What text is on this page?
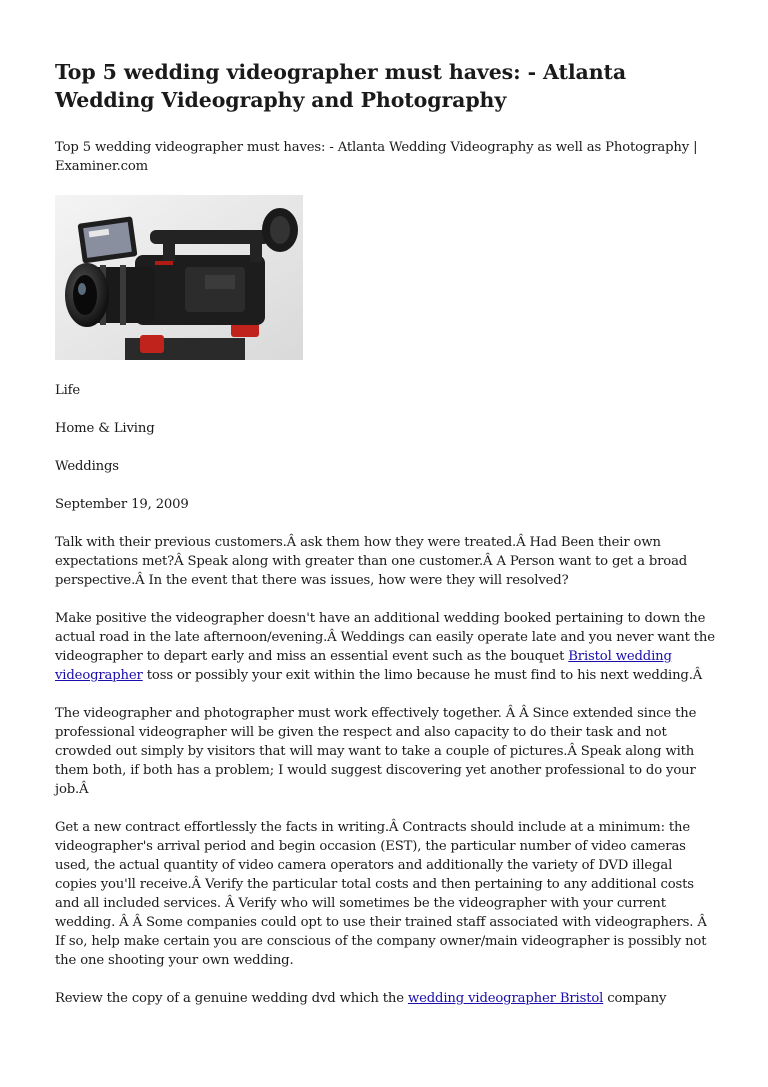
Top 5 wedding videographer must haves: - Atlanta Wedding Videography and Photography

Top 5 wedding videographer must haves: - Atlanta Wedding Videography as well as Photography | Examiner.com

Life

Home & Living

Weddings

September 19, 2009

Talk with their previous customers.Â ask them how they were treated.Â Had Been their own expectations met?Â Speak along with greater than one customer.Â A Person want to get a broad perspective.Â In the event that there was issues, how were they will resolved?

Make positive the videographer doesn't have an additional wedding booked pertaining to down the actual road in the late afternoon/evening.Â Weddings can easily operate late and you never want the videographer to depart early and miss an essential event such as the bouquet Bristol wedding videographer toss or possibly your exit within the limo because he must find to his next wedding.Â

The videographer and photographer must work effectively together. Â Â Since extended since the professional videographer will be given the respect and also capacity to do their task and not crowded out simply by visitors that will may want to take a couple of pictures.Â Speak along with them both, if both has a problem; I would suggest discovering yet another professional to do your job.Â

Get a new contract effortlessly the facts in writing.Â Contracts should include at a minimum: the videographer's arrival period and begin occasion (EST), the particular number of video cameras used, the actual quantity of video camera operators and additionally the variety of DVD illegal copies you'll receive.Â Verify the particular total costs and then pertaining to any additional costs and all included services. Â Verify who will sometimes be the videographer with your current wedding. Â Â Some companies could opt to use their trained staff associated with videographers. Â If so, help make certain you are conscious of the company owner/main videographer is possibly not the one shooting your own wedding.

Review the copy of a genuine wedding dvd which the wedding videographer Bristol company
